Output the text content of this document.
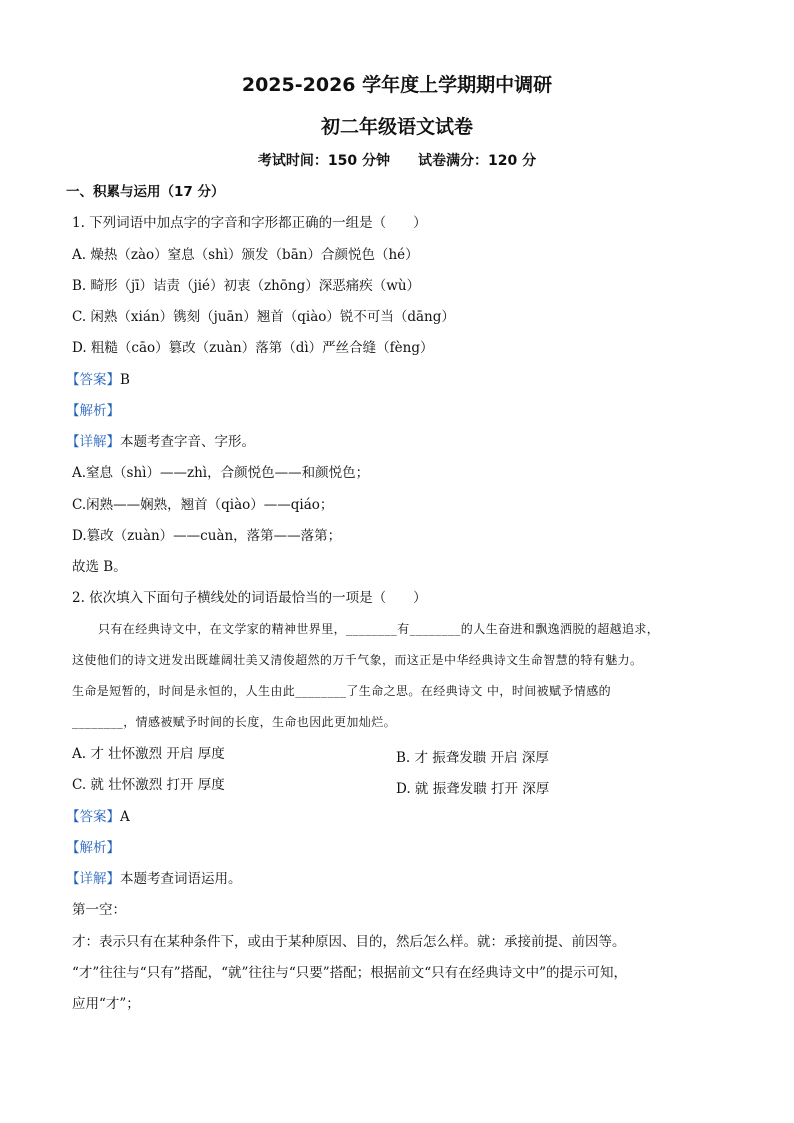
2025-2026 学年度上学期期中调研
初二年级语文试卷
考试时间：150 分钟 试卷满分：120 分
一、积累与运用（17 分）
1. 下列词语中加点字的字音和字形都正确的一组是（　　）
A. 燥热（zào）窒息（shì）颁发（bān）合颜悦色（hé）
B. 畸形（jī）诘责（jié）初衷（zhōng）深恶痛疾（wù）
C. 闲熟（xián）镌刻（juān）翘首（qiào）锐不可当（dāng）
D. 粗糙（cāo）篡改（zuàn）落第（dì）严丝合缝（fèng）
【答案】B
【解析】
【详解】本题考查字音、字形。
A.窒息（shì）——zhì，合颜悦色——和颜悦色；
C.闲熟——娴熟，翘首（qiào）——qiáo；
D.篡改（zuàn）——cuàn，落第——落第；
故选 B。
2. 依次填入下面句子横线处的词语最恰当的一项是（　　）
只有在经典诗文中，在文学家的精神世界里，________有________的人生奋进和飘逸洒脱的超越追求，
这使他们的诗文迸发出既雄阔壮美又清俊超然的万千气象，而这正是中华经典诗文生命智慧的特有魅力。
生命是短暂的，时间是永恒的，人生由此________了生命之思。在经典诗文 中，时间被赋予情感的
________，情感被赋予时间的长度，生命也因此更加灿烂。
A. 才 壮怀激烈 开启 厚度	B. 才 振聋发聩 开启 深厚
C. 就 壮怀激烈 打开 厚度	D. 就 振聋发聩 打开 深厚
【答案】A
【解析】
【详解】本题考查词语运用。
第一空：
才：表示只有在某种条件下，或由于某种原因、目的，然后怎么样。就：承接前提、前因等。
“才”往往与“只有”搭配，“就”往往与“只要”搭配；根据前文“只有在经典诗文中”的提示可知，
应用“才”；
